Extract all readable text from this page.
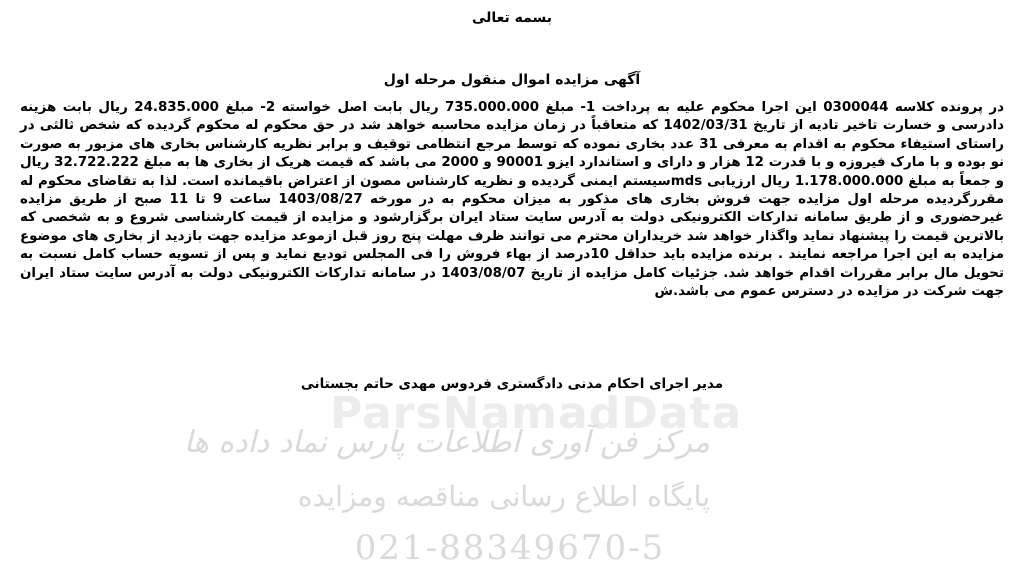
ParsNamadData
مرکز فن آوری اطلاعات پارس نماد داده ها
پایگاه اطلاع رسانی مناقصه ومزایده
021-88349670-5
بسمه تعالی
آگهی مزایده اموال منقول مرحله اول

در پرونده کلاسه 0300044 این اجرا محکوم علیه به پرداخت 1- مبلغ 735.000.000 ریال بابت اصل خواسته 2- مبلغ 24.835.000 ریال بابت هزینه دادرسی و خسارت تاخیر تادیه از تاریخ 1402/03/31 که متعاقباً در زمان مزایده محاسبه خواهد شد در حق محکوم له محکوم گردیده که شخص ثالثی در راستای استیفاء محکوم به اقدام به معرفی 31 عدد بخاری نموده که توسط مرجع انتظامی توقیف و برابر نظریه کارشناس بخاری های مزبور به صورت نو بوده و با مارک فیروزه و با قدرت 12 هزار و دارای و استاندارد ایزو 90001 و 2000 می باشد که قیمت هریک از بخاری ها به مبلغ 32.722.222 ریال و جمعاً به مبلغ 1.178.000.000 ریال ارزیابی mdsسیستم ایمنی گردیده و نظریه کارشناس مصون از اعتراض باقیمانده است. لذا به تقاضای محکوم له مقررگردیده مرحله اول مزایده جهت فروش بخاری های مذکور به میزان محکوم به در مورخه 1403/08/27 ساعت 9 تا 11 صبح از طریق مزایده غیرحضوری و از طریق سامانه تدارکات الکترونیکی دولت به آدرس سایت ستاد ایران برگزارشود و مزایده از قیمت کارشناسی شروع و به شخصی که بالاترین قیمت را پیشنهاد نماید واگذار خواهد شد خریداران محترم می توانند ظرف مهلت پنج روز قبل ازموعد مزایده جهت بازدید از بخاری های موضوع مزایده به این اجرا مراجعه نمایند . برنده مزایده باید حداقل 10درصد از بهاء فروش را فی المجلس تودیع نماید و پس از تسویه حساب کامل نسبت به تحویل مال برابر مقررات اقدام خواهد شد. جزئیات کامل مزایده از تاریخ 1403/08/07 در سامانه تدارکات الکترونیکی دولت به آدرس سایت ستاد ایران جهت شرکت در مزایده در دسترس عموم می باشد.ش

مدیر اجرای احکام مدنی دادگستری فردوس مهدی حاتم بجستانی
